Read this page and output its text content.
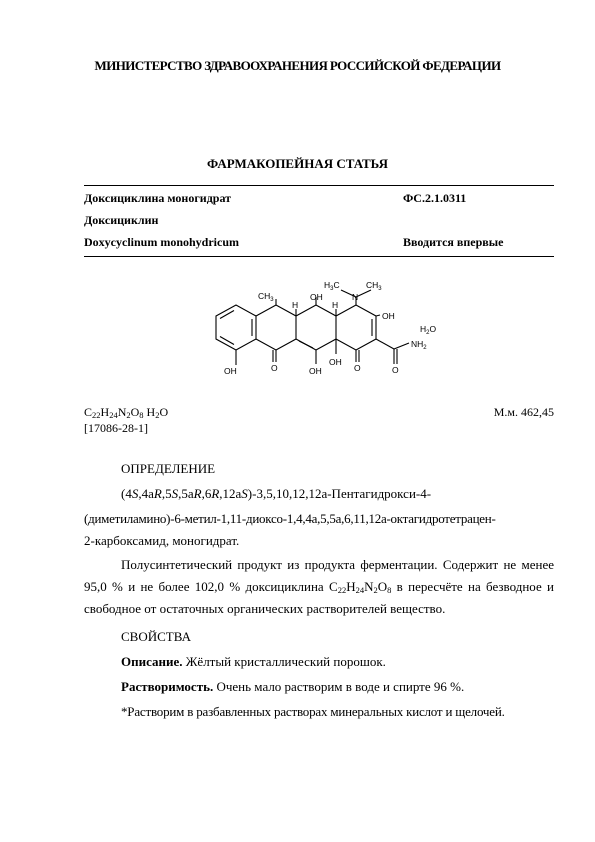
МИНИСТЕРСТВО ЗДРАВООХРАНЕНИЯ РОССИЙСКОЙ ФЕДЕРАЦИИ
ФАРМАКОПЕЙНАЯ СТАТЬЯ
Доксициклина моногидрат	ФС.2.1.0311
Доксициклин
Doxycyclinum monohydricum	Вводится впервые
$CH_3$ H
OH
H
$H_3C$
N
$CH_3$
OH
$H_2O$
$NH_2$
OH	O	OH
OH
O	O
$C_{22}H_{24}N_2O_8$ $H_2O$	М.м. 462,45
[17086-28-1]
ОПРЕДЕЛЕНИЕ
(4S,4aR,5S,5aR,6R,12aS)-3,5,10,12,12a-Пентагидрокси-4-
(диметиламино)-6-метил-1,11-диоксо-1,4,4a,5,5a,6,11,12a-октагидротетрацен-
2-карбоксамид, моногидрат.
Полусинтетический продукт из продукта ферментации. Содержит не менее 95,0 % и не более 102,0 % доксициклина $C_{22}H_{24}N_2O_8$ в пересчёте на безводное и свободное от остаточных органических растворителей вещество.
СВОЙСТВА
Описание. Жёлтый кристаллический порошок.
Растворимость. Очень мало растворим в воде и спирте 96 %.
*Растворим в разбавленных растворах минеральных кислот и щелочей.
